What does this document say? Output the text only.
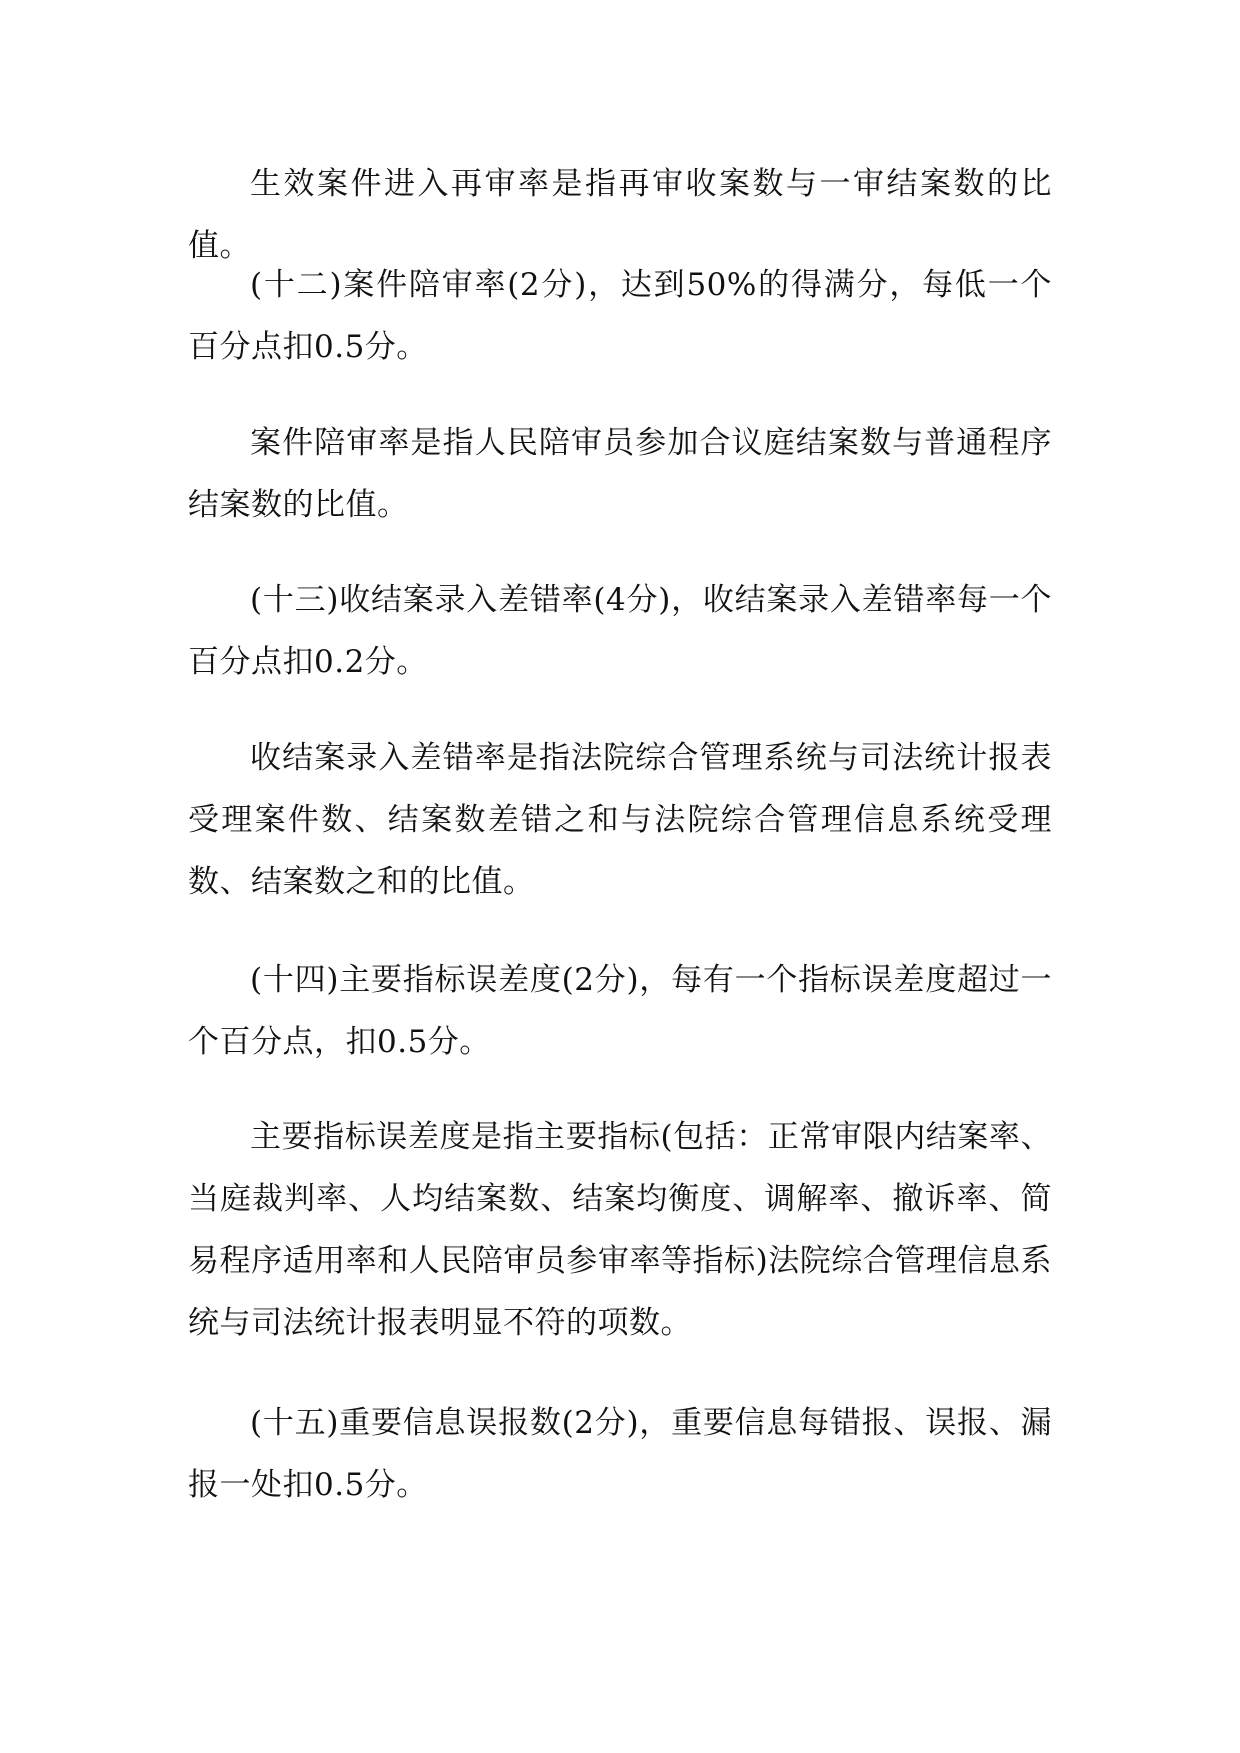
生效案件进入再审率是指再审收案数与一审结案数的比值。

(十二)案件陪审率(2分)，达到50%的得满分，每低一个百分点扣0.5分。

案件陪审率是指人民陪审员参加合议庭结案数与普通程序结案数的比值。

(十三)收结案录入差错率(4分)，收结案录入差错率每一个百分点扣0.2分。

收结案录入差错率是指法院综合管理系统与司法统计报表受理案件数、结案数差错之和与法院综合管理信息系统受理数、结案数之和的比值。

(十四)主要指标误差度(2分)，每有一个指标误差度超过一个百分点，扣0.5分。

主要指标误差度是指主要指标(包括：正常审限内结案率、当庭裁判率、人均结案数、结案均衡度、调解率、撤诉率、简易程序适用率和人民陪审员参审率等指标)法院综合管理信息系统与司法统计报表明显不符的项数。

(十五)重要信息误报数(2分)，重要信息每错报、误报、漏报一处扣0.5分。
